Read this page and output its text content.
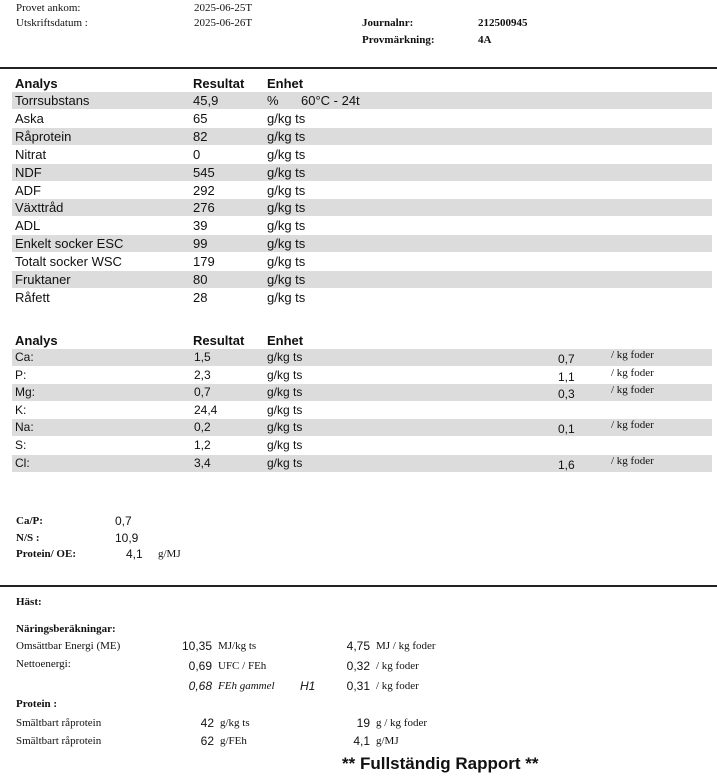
Provet ankom:	2025-06-25T
Utskriftsdatum :	2025-06-26T	Journalnr:	212500945
Provmärkning:	4A
Analys	Resultat Enhet
Torrsubstans	45,9	% 60°C - 24t
Aska	65	g/kg ts
Råprotein	82	g/kg ts
Nitrat	0	g/kg ts
NDF	545	g/kg ts
ADF	292	g/kg ts
Växttråd	276	g/kg ts
ADL	39	g/kg ts
Enkelt socker ESC	99	g/kg ts
Totalt socker WSC	179	g/kg ts
Fruktaner	80	g/kg ts
Råfett	28	g/kg ts
Analys	Resultat Enhet
Ca:	1,5	g/kg ts	0,7	/ kg foder
P:	2,3	g/kg ts	1,1	/ kg foder
Mg:	0,7	g/kg ts	0,3	/ kg foder
K:	24,4	g/kg ts
Na:	0,2	g/kg ts	0,1	/ kg foder
S:	1,2	g/kg ts
Cl:	3,4	g/kg ts	1,6	/ kg foder
Ca/P:	0,7
N/S :	10,9
Protein/ OE:	4,1 g/MJ
Häst:
Näringsberäkningar:
Omsättbar Energi (ME)	10,35 MJ/kg ts	4,75 MJ / kg foder
Nettoenergi:	0,69 UFC / FEh	0,32 / kg foder
0,68 FEh gammel H1	0,31 / kg foder
Protein :
Smältbart råprotein	42 g/kg ts	19 g / kg foder
Smältbart råprotein	62 g/FEh	4,1 g/MJ
** Fullständig Rapport **
